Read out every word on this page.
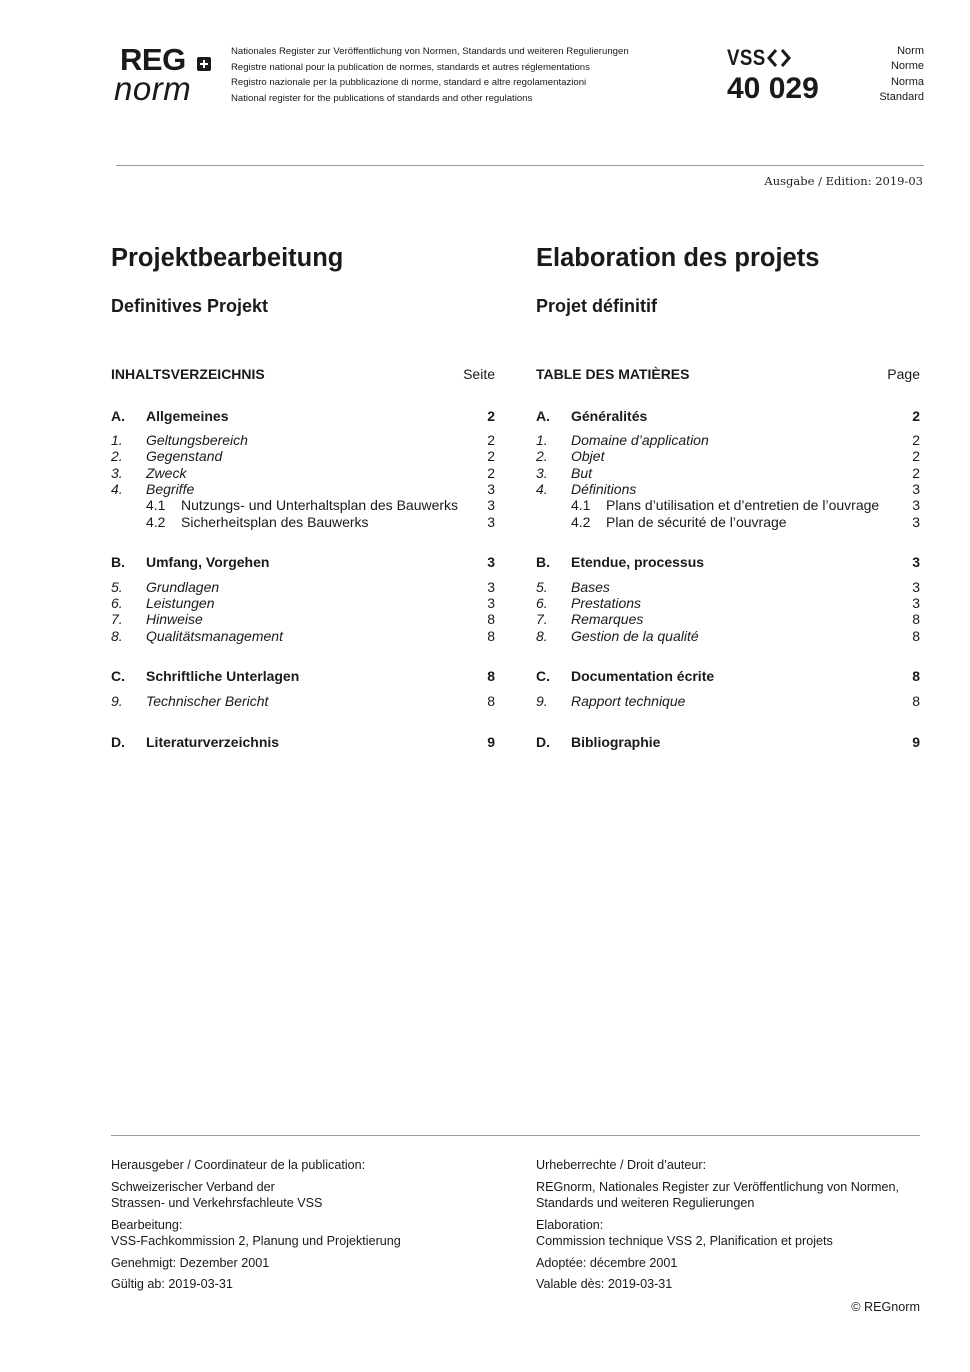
REG
norm
Nationales Register zur Veröffentlichung von Normen, Standards und weiteren Regulierungen
Registre national pour la publication de normes, standards et autres réglementations
Registro nazionale per la pubblicazione di norme, standard e altre regolamentazioni
National register for the publications of standards and other regulations
VSS
40 029
Norm
Norme
Norma
Standard
Ausgabe / Edition: 2019-03
Projektbearbeitung
Definitives Projekt
INHALTSVERZEICHNIS	Seite
A. Allgemeines	2
1. Geltungsbereich	2
2. Gegenstand	2
3. Zweck	2
4. Begriffe	3
4.1 Nutzungs- und Unterhaltsplan des Bauwerks 3
4.2 Sicherheitsplan des Bauwerks	3
B. Umfang, Vorgehen	3
5. Grundlagen	3
6. Leistungen	3
7. Hinweise	8
8. Qualitätsmanagement	8
C. Schriftliche Unterlagen	8
9. Technischer Bericht	8
D. Literaturverzeichnis	9
Elaboration des projets
Projet définitif
TABLE DES MATIÈRES	Page
A. Généralités	2
1. Domaine d’application	2
2. Objet	2
3. But	2
4. Définitions	3
4.1 Plans d’utilisation et d’entretien de l’ouvrage 3
4.2 Plan de sécurité de l’ouvrage	3
B. Etendue, processus	3
5. Bases	3
6. Prestations	3
7. Remarques	8
8. Gestion de la qualité	8
C. Documentation écrite	8
9. Rapport technique	8
D. Bibliographie	9
Herausgeber / Coordinateur de la publication:
Schweizerischer Verband der
Strassen- und Verkehrsfachleute VSS
Bearbeitung:
VSS-Fachkommission 2, Planung und Projektierung
Genehmigt: Dezember 2001
Gültig ab: 2019-03-31
Urheberrechte / Droit d’auteur:
REGnorm, Nationales Register zur Veröffentlichung von Normen,
Standards und weiteren Regulierungen
Elaboration:
Commission technique VSS 2, Planification et projets
Adoptée: décembre 2001
Valable dès: 2019-03-31
© REGnorm
